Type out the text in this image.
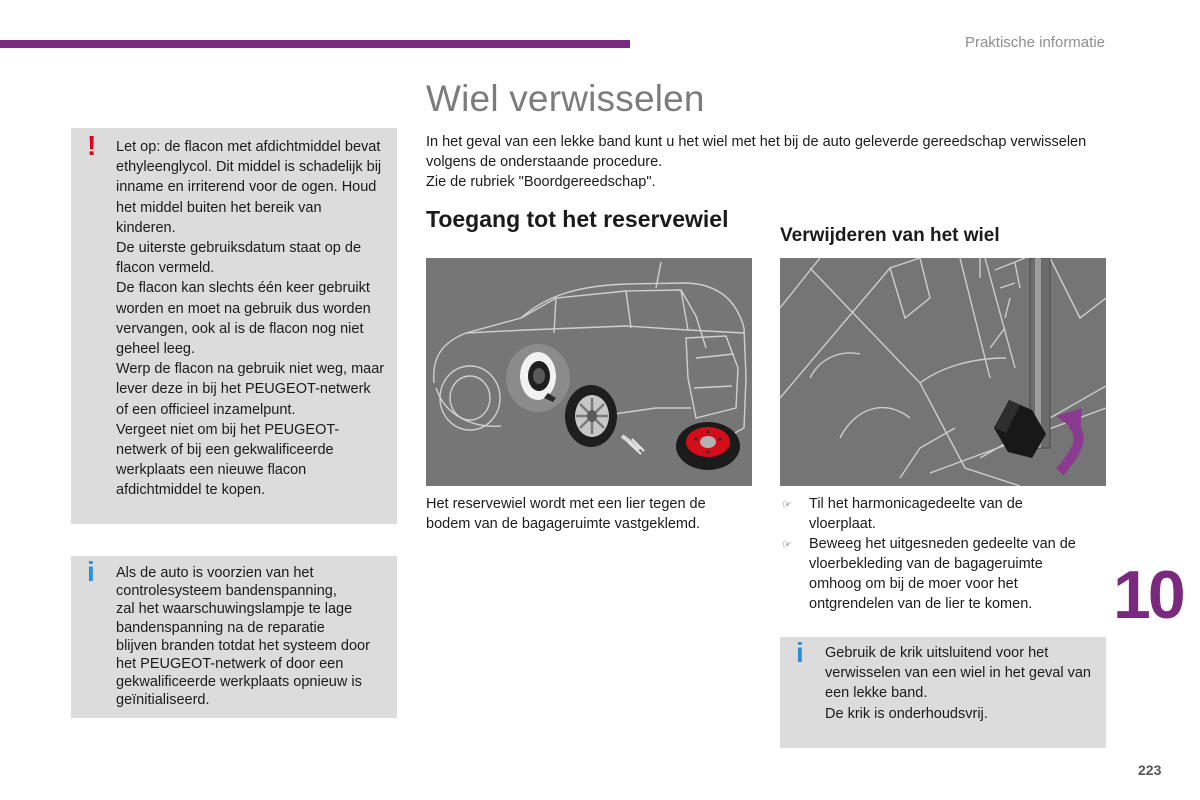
Praktische informatie
Wiel verwisselen

In het geval van een lekke band kunt u het wiel met het bij de auto geleverde gereedschap verwisselen volgens de onderstaande procedure.

Zie de rubriek "Boordgereedschap".

! Let op: de flacon met afdichtmiddel bevat ethyleenglycol. Dit middel is schadelijk bij inname en irriterend voor de ogen. Houd het middel buiten het bereik van kinderen.

De uiterste gebruiksdatum staat op de flacon vermeld.

De flacon kan slechts één keer gebruikt worden en moet na gebruik dus worden vervangen, ook al is de flacon nog niet geheel leeg.

Werp de flacon na gebruik niet weg, maar lever deze in bij het PEUGEOT-netwerk of een officieel inzamelpunt.

Vergeet niet om bij het PEUGEOT-netwerk of bij een gekwalificeerde werkplaats een nieuwe flacon afdichtmiddel te kopen.

i Als de auto is voorzien van het
controlesysteem bandenspanning,
zal het waarschuwingslampje te lage
bandenspanning na de reparatie
blijven branden totdat het systeem door
het PEUGEOT-netwerk of door een
gekwalificeerde werkplaats opnieuw is
geïnitialiseerd.
Toegang tot het reservewiel
Verwijderen van het wiel
Het reservewiel wordt met een lier tegen de bodem van de bagageruimte vastgeklemd.
☞ Til het harmonicagedeelte van de vloerplaat.
☞ Beweeg het uitgesneden gedeelte van de vloerbekleding van de bagageruimte omhoog om bij de moer voor het ontgrendelen van de lier te komen.
i Gebruik de krik uitsluitend voor het verwisselen van een wiel in het geval van een lekke band.

De krik is onderhoudsvrij.

10
223
